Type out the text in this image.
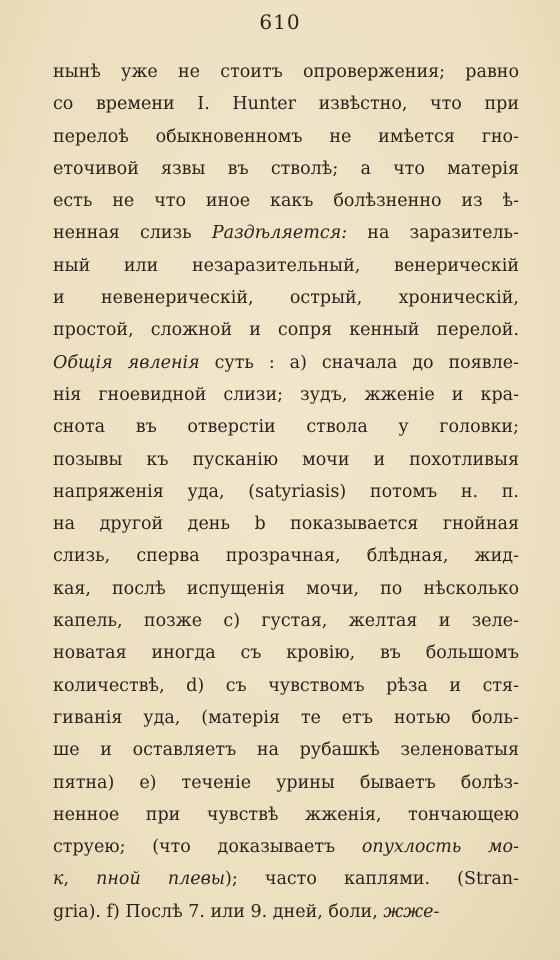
610
нынѣ уже не стоитъ опровержения; равно
со времени I. Hunter извѣстно, что при
перелоѣ обыкновенномъ не имѣется гно-
еточивой язвы въ стволѣ; а что матерія
есть не что иное какъ болѣзненно из ѣ-
ненная слизь Раздѣляется: на заразитель-
ный или незаразительный, венерическій
и невенерическій, острый, хроническій,
простой, сложной и сопря кенный перелой.
Общія явленія суть : а) сначала до появле-
нія гноевидной слизи; зудъ, жженіе и кра-
снота въ отверстіи ствола у головки;
позывы къ пусканію мочи и похотливыя
напряженія уда, (satyriasis) потомъ н. п.
на другой день b показывается гнойная
слизь, сперва прозрачная, блѣдная, жид-
кая, послѣ испущенія мочи, по нѣсколько
капель, позже с) густая, желтая и зеле-
новатая иногда съ кровію, въ большомъ
количествѣ, d) съ чувствомъ рѣза и стя-
гиванія уда, (матерія те етъ нотью боль-
ше и оставляетъ на рубашкѣ зеленоватыя
пятна) е) теченіе урины бываетъ болѣз-
ненное при чувствѣ жженія, тончающею
струею; (что доказываетъ опухлость мо-
к, пной плевы); часто каплями. (Stran-
gria). f) Послѣ 7. или 9. дней, боли, жже-
